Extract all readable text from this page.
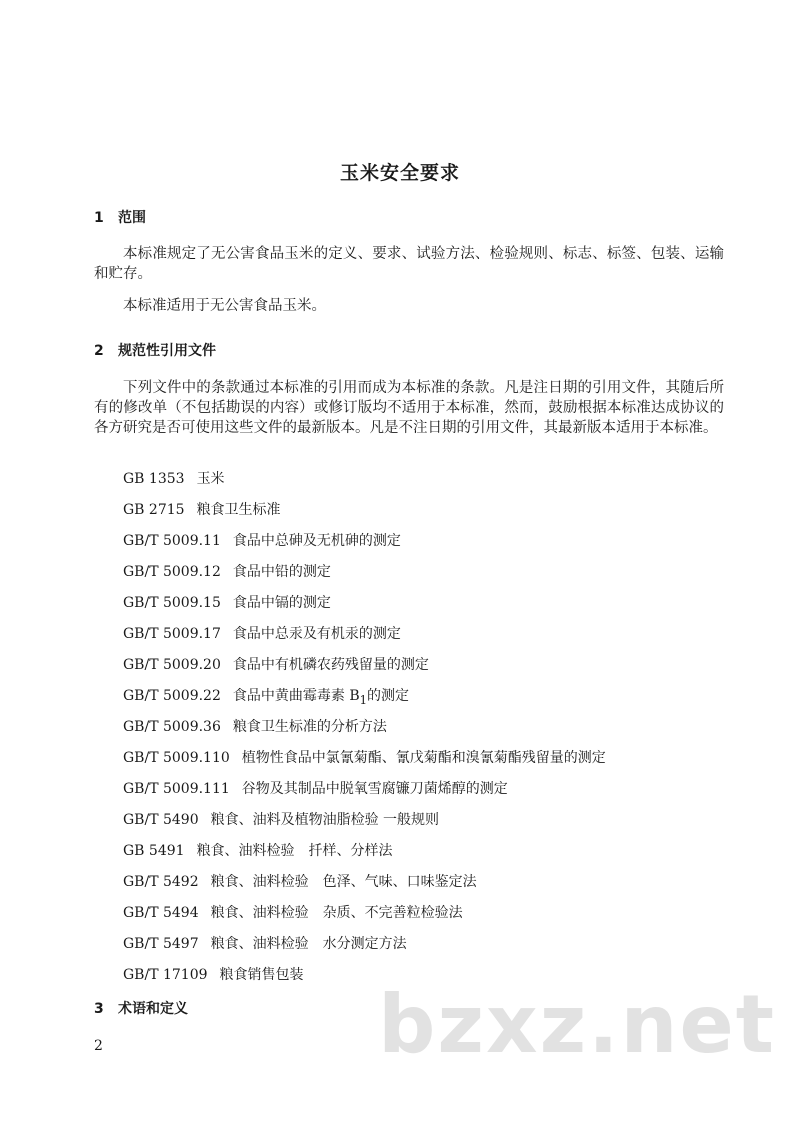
玉米安全要求
1 范围
本标准规定了无公害食品玉米的定义、要求、试验方法、检验规则、标志、标签、包装、运输和贮存。
本标准适用于无公害食品玉米。
2 规范性引用文件
下列文件中的条款通过本标准的引用而成为本标准的条款。凡是注日期的引用文件，其随后所有的修改单（不包括勘误的内容）或修订版均不适用于本标准，然而，鼓励根据本标准达成协议的各方研究是否可使用这些文件的最新版本。凡是不注日期的引用文件，其最新版本适用于本标准。
GB 1353 玉米
GB 2715 粮食卫生标准
GB/T 5009.11 食品中总砷及无机砷的测定
GB/T 5009.12 食品中铅的测定
GB/T 5009.15 食品中镉的测定
GB/T 5009.17 食品中总汞及有机汞的测定
GB/T 5009.20 食品中有机磷农药残留量的测定
GB/T 5009.22 食品中黄曲霉毒素 $B_1$的测定
GB/T 5009.36 粮食卫生标准的分析方法
GB/T 5009.110 植物性食品中氯氰菊酯、氰戊菊酯和溴氰菊酯残留量的测定
GB/T 5009.111 谷物及其制品中脱氧雪腐镰刀菌烯醇的测定
GB/T 5490 粮食、油料及植物油脂检验 一般规则
GB 5491 粮食、油料检验　扦样、分样法
GB/T 5492 粮食、油料检验　色泽、气味、口味鉴定法
GB/T 5494 粮食、油料检验　杂质、不完善粒检验法
GB/T 5497 粮食、油料检验　水分测定方法
GB/T 17109 粮食销售包装
3 术语和定义
2	bzxz.net
